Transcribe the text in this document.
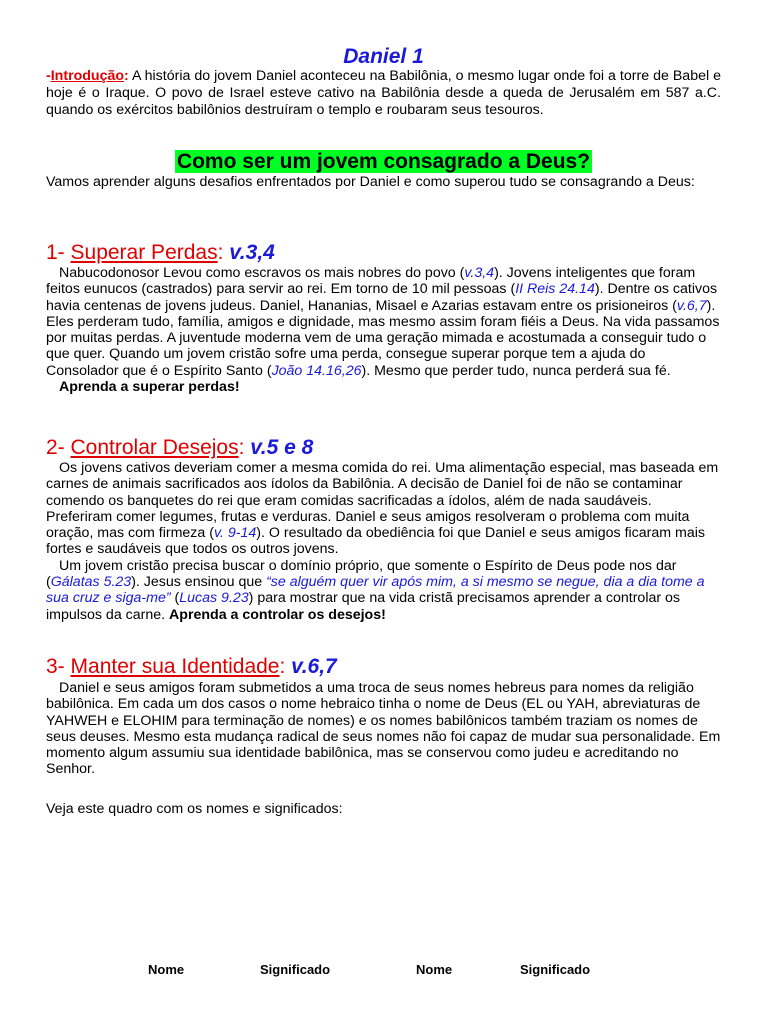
Daniel 1

-Introdução: A história do jovem Daniel aconteceu na Babilônia, o mesmo lugar onde foi a torre de Babel e hoje é o Iraque. O povo de Israel esteve cativo na Babilônia desde a queda de Jerusalém em 587 a.C. quando os exércitos babilônios destruíram o templo e roubaram seus tesouros.

Como ser um jovem consagrado a Deus?

Vamos aprender alguns desafios enfrentados por Daniel e como superou tudo se consagrando a Deus:

1- Superar Perdas: v.3,4

Nabucodonosor Levou como escravos os mais nobres do povo (v.3,4). Jovens inteligentes que foram feitos eunucos (castrados) para servir ao rei. Em torno de 10 mil pessoas (II Reis 24.14). Dentre os cativos havia centenas de jovens judeus. Daniel, Hananias, Misael e Azarias estavam entre os prisioneiros (v.6,7). Eles perderam tudo, família, amigos e dignidade, mas mesmo assim foram fiéis a Deus. Na vida passamos por muitas perdas. A juventude moderna vem de uma geração mimada e acostumada a conseguir tudo o que quer. Quando um jovem cristão sofre uma perda, consegue superar porque tem a ajuda do Consolador que é o Espírito Santo (João 14.16,26). Mesmo que perder tudo, nunca perderá sua fé.
Aprenda a superar perdas!

2- Controlar Desejos: v.5 e 8

Os jovens cativos deveriam comer a mesma comida do rei. Uma alimentação especial, mas baseada em carnes de animais sacrificados aos ídolos da Babilônia. A decisão de Daniel foi de não se contaminar comendo os banquetes do rei que eram comidas sacrificadas a ídolos, além de nada saudáveis. Preferiram comer legumes, frutas e verduras. Daniel e seus amigos resolveram o problema com muita oração, mas com firmeza (v. 9-14). O resultado da obediência foi que Daniel e seus amigos ficaram mais fortes e saudáveis que todos os outros jovens.
Um jovem cristão precisa buscar o domínio próprio, que somente o Espírito de Deus pode nos dar (Gálatas 5.23). Jesus ensinou que “se alguém quer vir após mim, a si mesmo se negue, dia a dia tome a sua cruz e siga-me” (Lucas 9.23) para mostrar que na vida cristã precisamos aprender a controlar os impulsos da carne. Aprenda a controlar os desejos!

3- Manter sua Identidade: v.6,7

Daniel e seus amigos foram submetidos a uma troca de seus nomes hebreus para nomes da religião babilônica. Em cada um dos casos o nome hebraico tinha o nome de Deus (EL ou YAH, abreviaturas de YAHWEH e ELOHIM para terminação de nomes) e os nomes babilônicos também traziam os nomes de seus deuses. Mesmo esta mudança radical de seus nomes não foi capaz de mudar sua personalidade. Em momento algum assumiu sua identidade babilônica, mas se conservou como judeu e acreditando no Senhor.

Veja este quadro com os nomes e significados:

Nome	Significado	Nome	Significado
